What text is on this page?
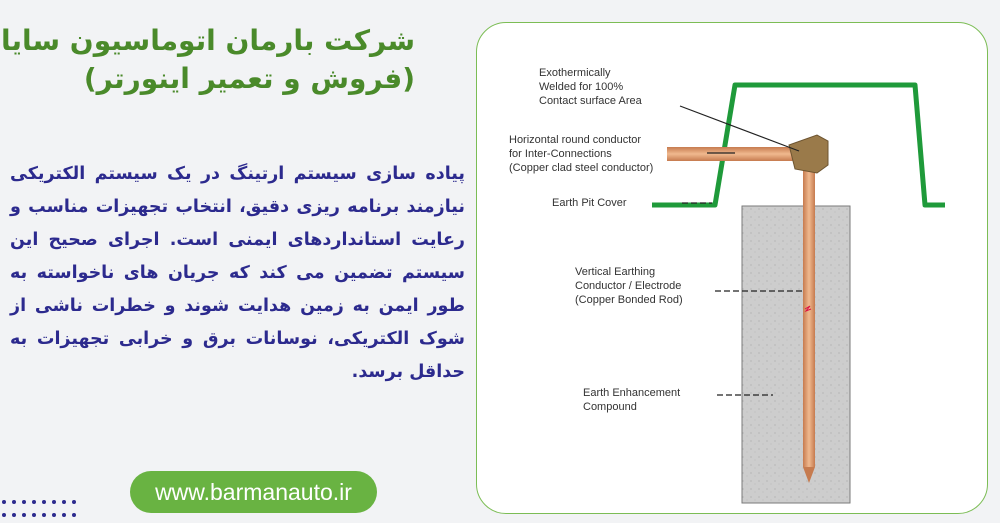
شرکت بارمان اتوماسیون سایا
(فروش و تعمیر اینورتر)
پیاده سازی سیستم ارتینگ در یک سیستم الکتریکی نیازمند برنامه ریزی دقیق، انتخاب تجهیزات مناسب و رعایت استانداردهای ایمنی است. اجرای صحیح این سیستم تضمین می کند که جریان های ناخواسته به طور ایمن به زمین هدایت شوند و خطرات ناشی از شوک الکتریکی، نوسانات برق و خرابی تجهیزات به حداقل برسد.
www.barmanauto.ir
Exothermically
Welded for 100%
Contact surface Area
Horizontal round conductor
for Inter-Connections
(Copper clad steel conductor)
Earth Pit Cover
Vertical Earthing
Conductor / Electrode
(Copper Bonded Rod)
Earth Enhancement
Compound
